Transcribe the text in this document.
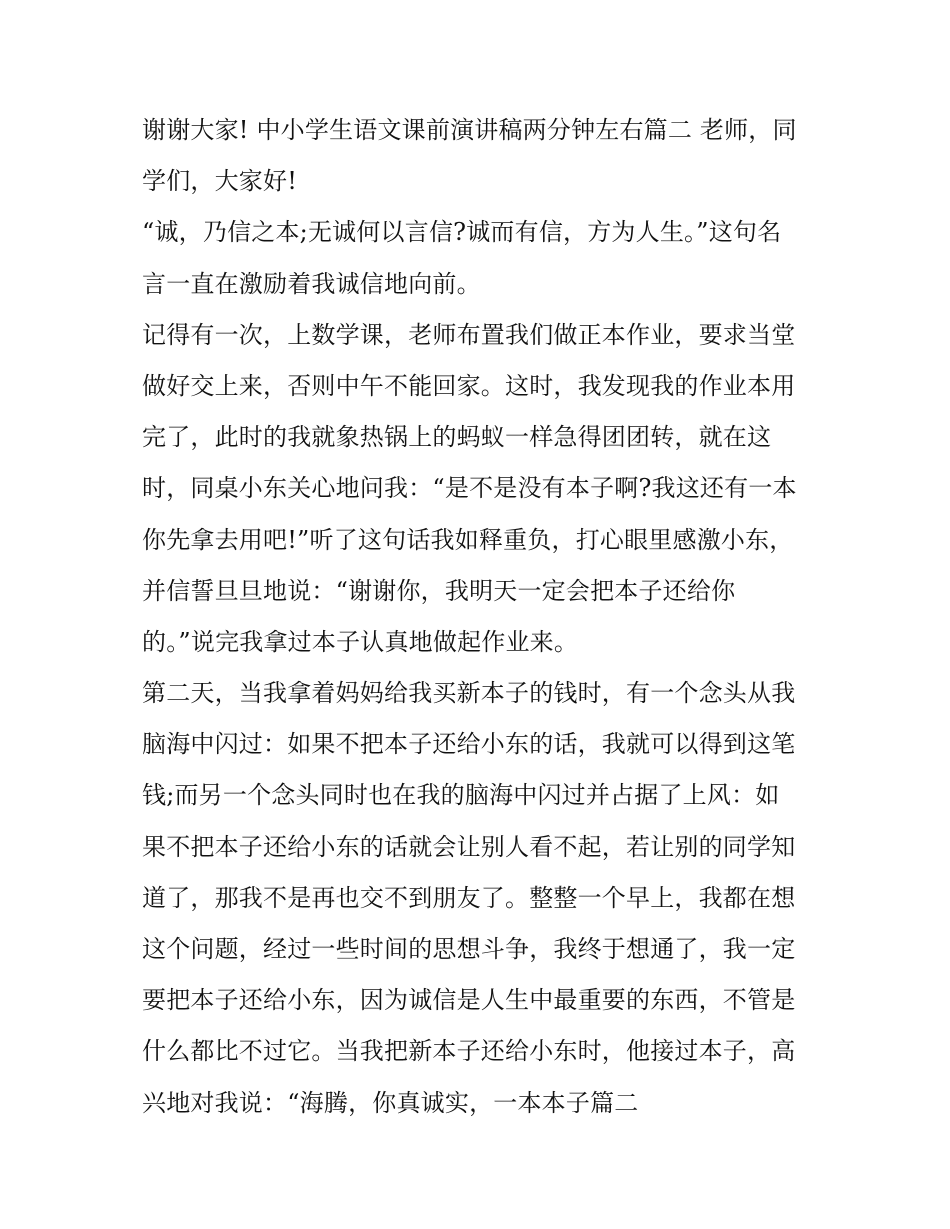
谢谢大家! 中小学生语文课前演讲稿两分钟左右篇二 老师，同
学们，大家好!
“诚，乃信之本;无诚何以言信?诚而有信，方为人生。”这句名
言一直在激励着我诚信地向前。
记得有一次，上数学课，老师布置我们做正本作业，要求当堂
做好交上来，否则中午不能回家。这时，我发现我的作业本用
完了，此时的我就象热锅上的蚂蚁一样急得团团转，就在这
时，同桌小东关心地问我：“是不是没有本子啊?我这还有一本
你先拿去用吧!”听了这句话我如释重负，打心眼里感激小东，
并信誓旦旦地说：“谢谢你，我明天一定会把本子还给你
的。”说完我拿过本子认真地做起作业来。
第二天，当我拿着妈妈给我买新本子的钱时，有一个念头从我
脑海中闪过：如果不把本子还给小东的话，我就可以得到这笔
钱;而另一个念头同时也在我的脑海中闪过并占据了上风：如
果不把本子还给小东的话就会让别人看不起，若让别的同学知
道了，那我不是再也交不到朋友了。整整一个早上，我都在想
这个问题，经过一些时间的思想斗争，我终于想通了，我一定
要把本子还给小东，因为诚信是人生中最重要的东西，不管是
什么都比不过它。当我把新本子还给小东时，他接过本子，高
兴地对我说：“海腾，你真诚实，一本本子篇二
